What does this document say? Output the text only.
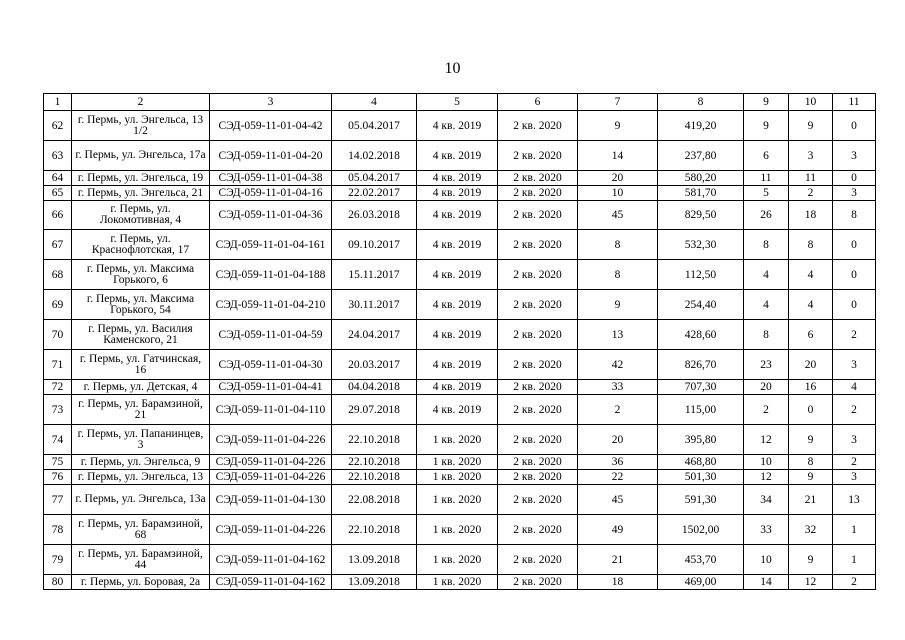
10
1	2	3	4	5	6	7	8	9	10	11
62	г. Пермь, ул. Энгельса, 13 1/2	СЭД-059-11-01-04-42	05.04.2017	4 кв. 2019	2 кв. 2020	9	419,20	9	9	0
63	г. Пермь, ул. Энгельса, 17а	СЭД-059-11-01-04-20	14.02.2018	4 кв. 2019	2 кв. 2020	14	237,80	6	3	3
64	г. Пермь, ул. Энгельса, 19	СЭД-059-11-01-04-38	05.04.2017	4 кв. 2019	2 кв. 2020	20	580,20	11	11	0
65	г. Пермь, ул. Энгельса, 21	СЭД-059-11-01-04-16	22.02.2017	4 кв. 2019	2 кв. 2020	10	581,70	5	2	3
66	г. Пермь, ул. Локомотивная, 4	СЭД-059-11-01-04-36	26.03.2018	4 кв. 2019	2 кв. 2020	45	829,50	26	18	8
67	г. Пермь, ул. Краснофлотская, 17	СЭД-059-11-01-04-161	09.10.2017	4 кв. 2019	2 кв. 2020	8	532,30	8	8	0
68	г. Пермь, ул. Максима Горького, 6	СЭД-059-11-01-04-188	15.11.2017	4 кв. 2019	2 кв. 2020	8	112,50	4	4	0
69	г. Пермь, ул. Максима Горького, 54	СЭД-059-11-01-04-210	30.11.2017	4 кв. 2019	2 кв. 2020	9	254,40	4	4	0
70	г. Пермь, ул. Василия Каменского, 21	СЭД-059-11-01-04-59	24.04.2017	4 кв. 2019	2 кв. 2020	13	428,60	8	6	2
71	г. Пермь, ул. Гатчинская, 16	СЭД-059-11-01-04-30	20.03.2017	4 кв. 2019	2 кв. 2020	42	826,70	23	20	3
72	г. Пермь, ул. Детская, 4	СЭД-059-11-01-04-41	04.04.2018	4 кв. 2019	2 кв. 2020	33	707,30	20	16	4
73	г. Пермь, ул. Барамзиной, 21	СЭД-059-11-01-04-110	29.07.2018	4 кв. 2019	2 кв. 2020	2	115,00	2	0	2
74	г. Пермь, ул. Папанинцев, 3	СЭД-059-11-01-04-226	22.10.2018	1 кв. 2020	2 кв. 2020	20	395,80	12	9	3
75	г. Пермь, ул. Энгельса, 9	СЭД-059-11-01-04-226	22.10.2018	1 кв. 2020	2 кв. 2020	36	468,80	10	8	2
76	г. Пермь, ул. Энгельса, 13	СЭД-059-11-01-04-226	22.10.2018	1 кв. 2020	2 кв. 2020	22	501,30	12	9	3
77	г. Пермь, ул. Энгельса, 13а	СЭД-059-11-01-04-130	22.08.2018	1 кв. 2020	2 кв. 2020	45	591,30	34	21	13
78	г. Пермь, ул. Барамзиной, 68	СЭД-059-11-01-04-226	22.10.2018	1 кв. 2020	2 кв. 2020	49	1502,00	33	32	1
79	г. Пермь, ул. Барамзиной, 44	СЭД-059-11-01-04-162	13.09.2018	1 кв. 2020	2 кв. 2020	21	453,70	10	9	1
80	г. Пермь, ул. Боровая, 2а	СЭД-059-11-01-04-162	13.09.2018	1 кв. 2020	2 кв. 2020	18	469,00	14	12	2
